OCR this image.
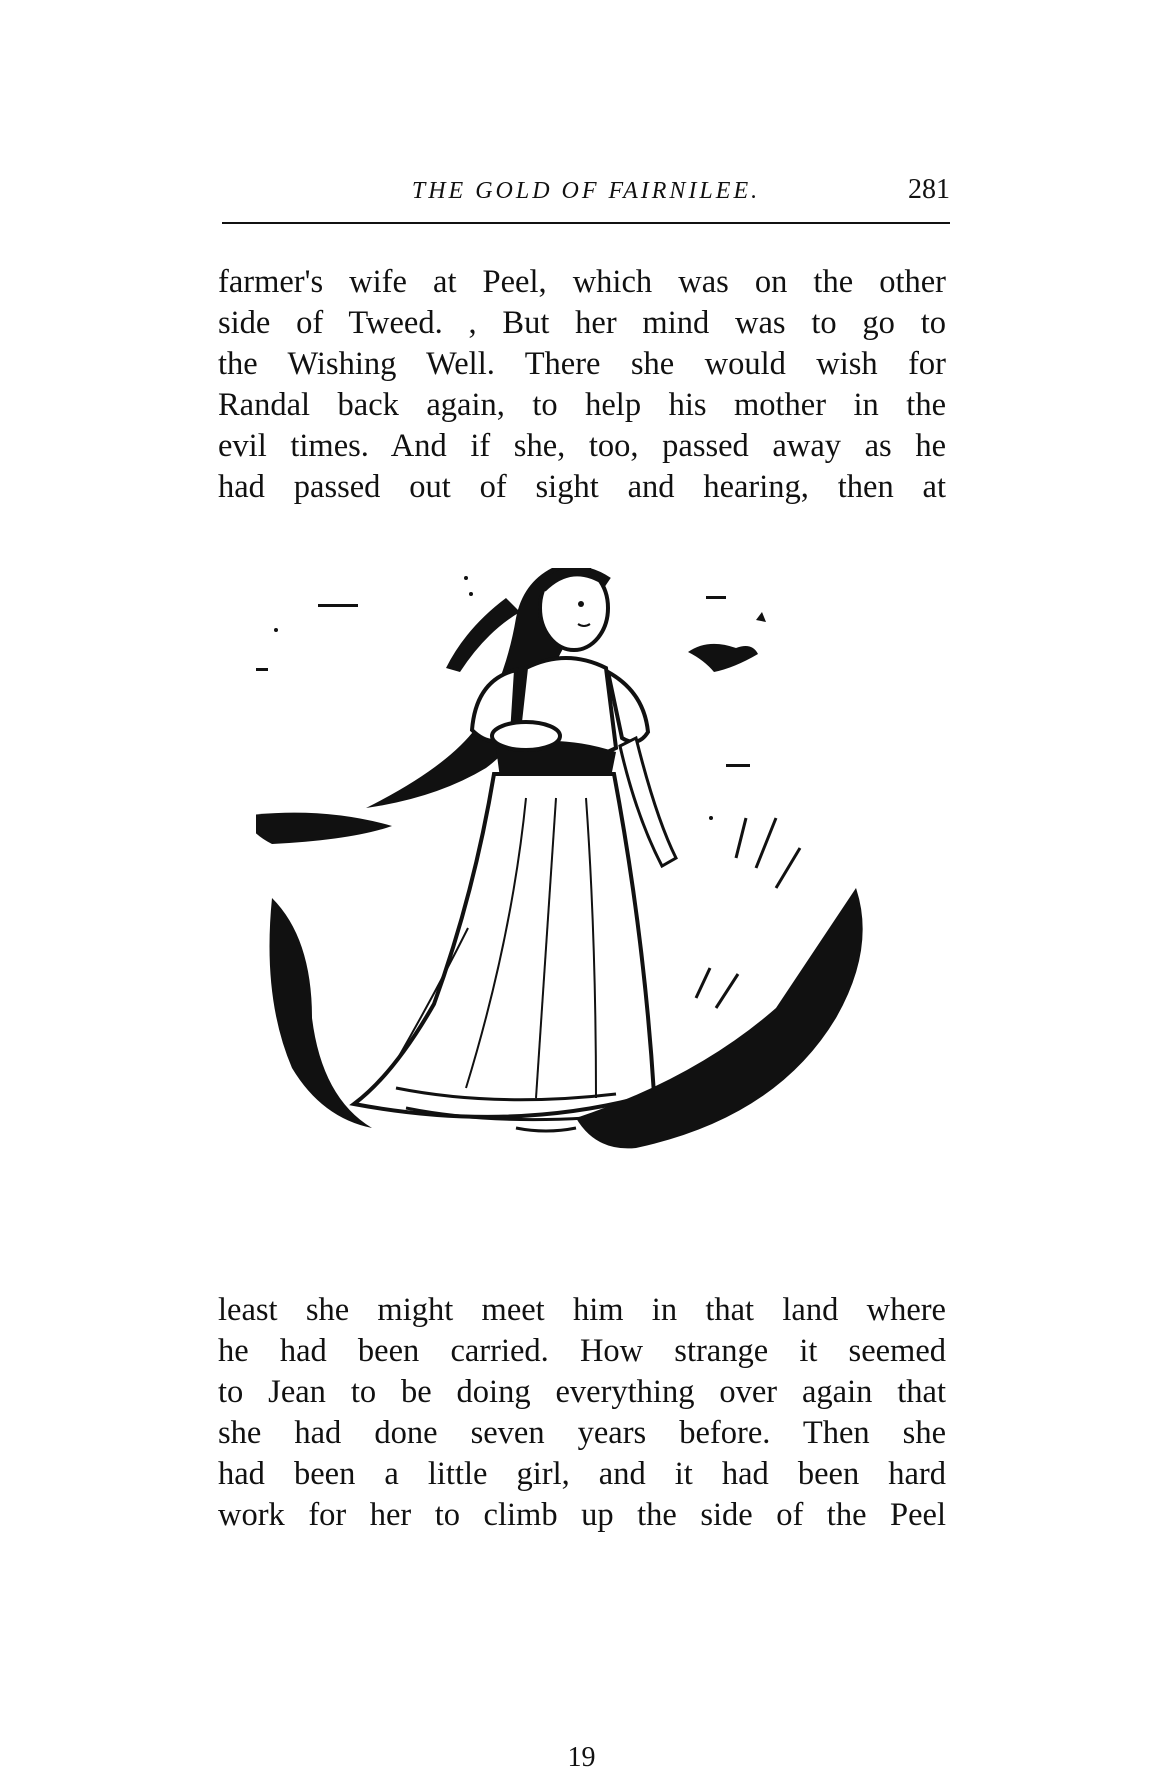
THE GOLD OF FAIRNILEE.	281
farmer's wife at Peel, which was on the other
side of Tweed. , But her mind was to go to
the Wishing Well. There she would wish for
Randal back again, to help his mother in the
evil times. And if she, too, passed away as he
had passed out of sight and hearing, then at
least she might meet him in that land where
he had been carried. How strange it seemed
to Jean to be doing everything over again that
she had done seven years before. Then she
had been a little girl, and it had been hard
work for her to climb up the side of the Peel
19
